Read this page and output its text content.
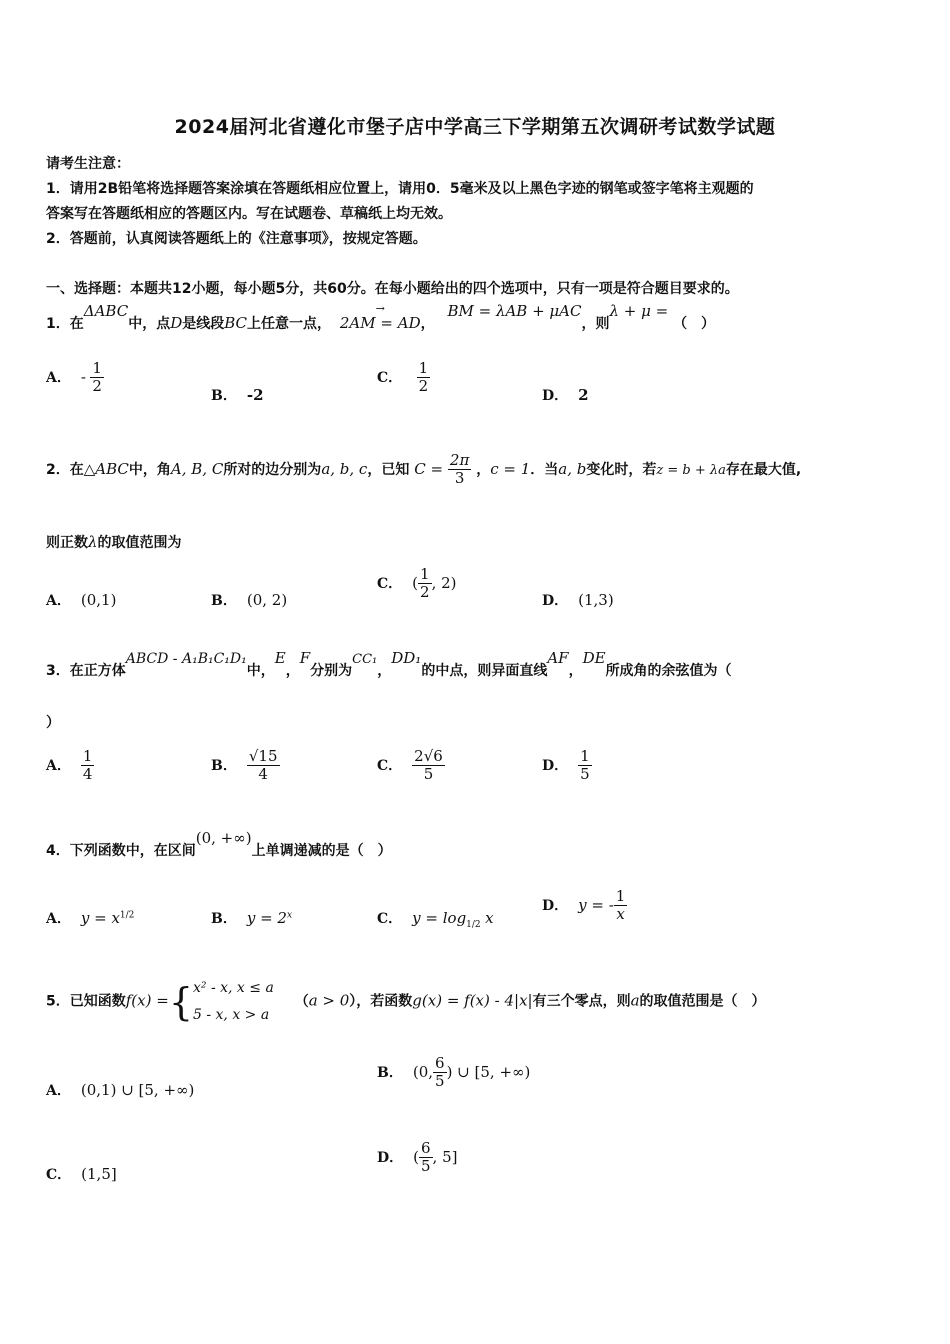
2024届河北省遵化市堡子店中学高三下学期第五次调研考试数学试题
请考生注意：
1．请用2B铅笔将选择题答案涂填在答题纸相应位置上，请用0．5毫米及以上黑色字迹的钢笔或签字笔将主观题的
答案写在答题纸相应的答题区内。写在试题卷、草稿纸上均无效。
2．答题前，认真阅读答题纸上的《注意事项》，按规定答题。
一、选择题：本题共12小题，每小题5分，共60分。在每小题给出的四个选项中，只有一项是符合题目要求的。
1．在ΔABC中，点D是线段BC上任意一点， → 2AM = AD， BM = λAB + μAC，则λ + μ = （　）
A． - $\frac{1}{2}$
B． -2
C． $\frac{1}{2}$
D． 2
2．在△ABC中，角A, B, C所对的边分别为a, b, c，已知 $C = \frac{2\pi}{3}$ ，c = 1．当a, b变化时，若z = b + λa存在最大值,
则正数λ的取值范围为
A． (0,1)	B． (0, 2)
C． ( $\frac{1}{2}$ , 2)
D． (1,3)
3．在正方体ABCD - A₁B₁C₁D₁中，E，F分别为CC₁，DD₁的中点，则异面直线AF，DE所成角的余弦值为（
）
A． $\frac{1}{4}$	B． $\frac{√15}{4}$	C． $\frac{2√6}{5}$	D． $\frac{1}{5}$
4．下列函数中，在区间(0, +∞)上单调递减的是（　）
A． $y = x^{1/2}$	B． $y = 2^x$	C． $y = \log_{1/2} x$
D． y = - $\frac{1}{x}$
5．已知函数f(x) ={ x² - x, x ≤ a
5 - x, x > a
（a > 0），若函数g(x) = f(x) - 4|x|有三个零点，则a的取值范围是（　）
A． (0,1) ∪ [5, +∞)
B． (0, $\frac{6}{5}$ ) ∪ [5, +∞)
C． (1,5]
D． ( $\frac{6}{5}$ , 5]
